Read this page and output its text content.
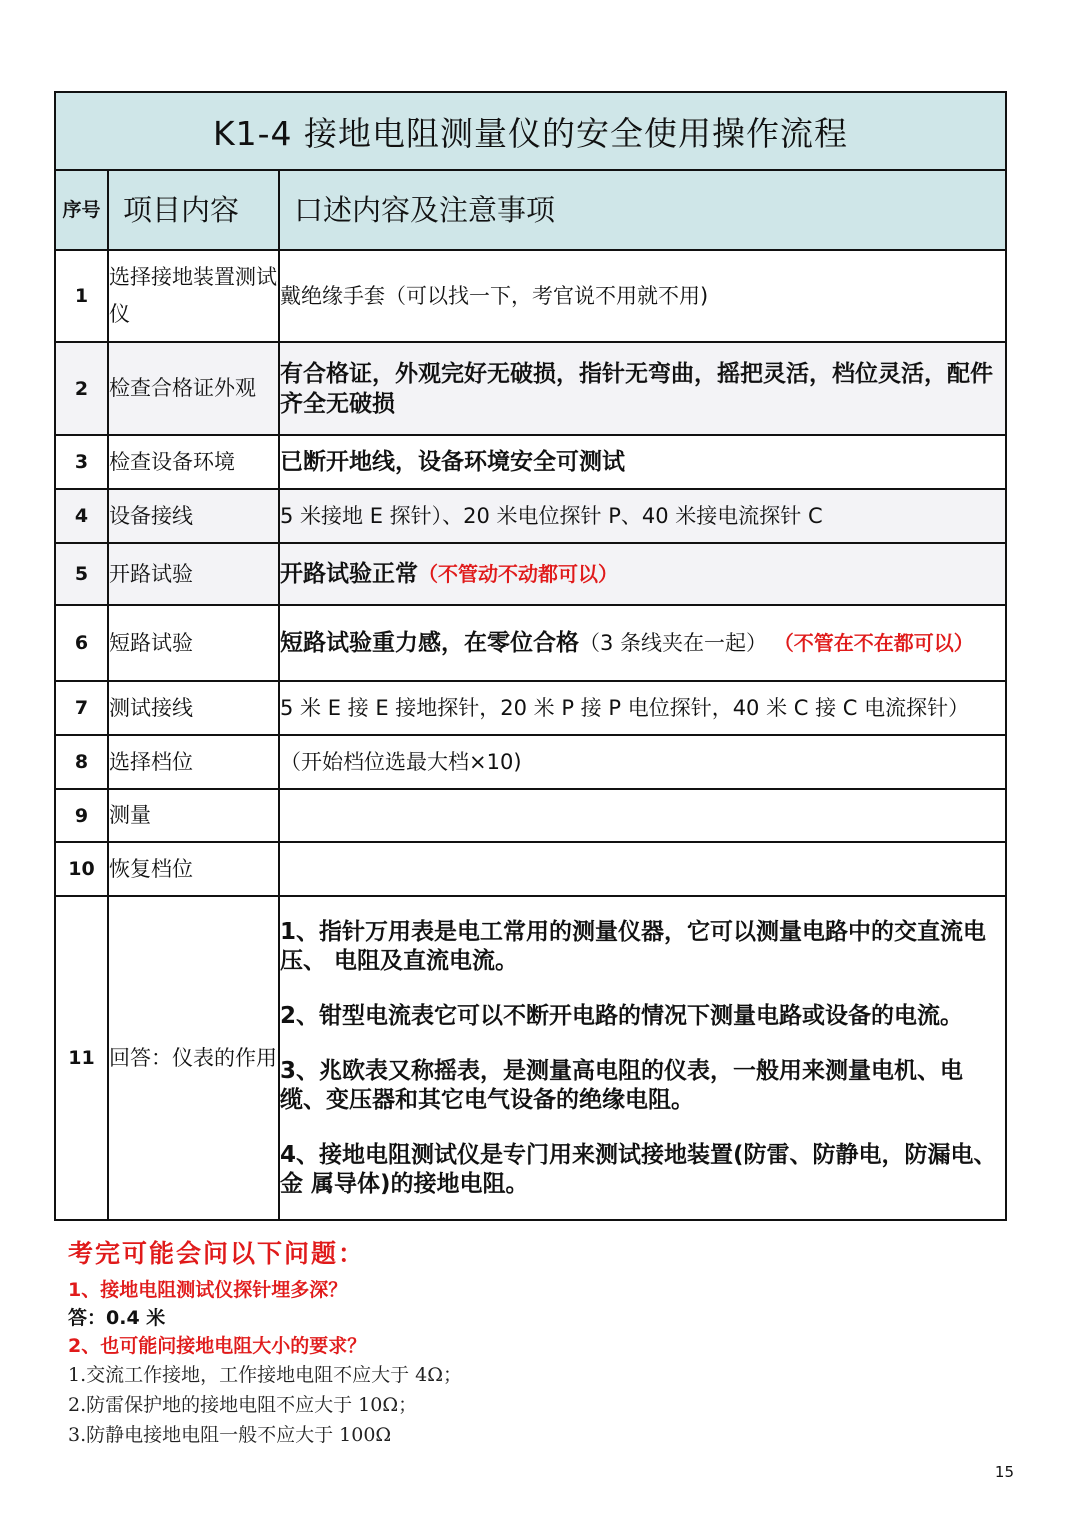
K1-4 接地电阻测量仪的安全使用操作流程		
序号	项目内容	口述内容及注意事项
1	选择接地装置测试仪	戴绝缘手套（可以找一下，考官说不用就不用)
2	检查合格证外观	有合格证，外观完好无破损，指针无弯曲，摇把灵活，档位灵活，配件齐全无破损
3	检查设备环境	已断开地线，设备环境安全可测试
4	设备接线	5 米接地 E 探针）、20 米电位探针 P、40 米接电流探针 C
5	开路试验	开路试验正常（不管动不动都可以）
6	短路试验	短路试验重力感，在零位合格（3 条线夹在一起） （不管在不在都可以）
7	测试接线	5 米 E 接 E 接地探针，20 米 P 接 P 电位探针，40 米 C 接 C 电流探针）
8	选择档位	（开始档位选最大档×10)
9	测量	
10	恢复档位	
11	回答：仪表的作用	1、指针万用表是电工常用的测量仪器，它可以测量电路中的交直流电压、 电阻及直流电流。

2、钳型电流表它可以不断开电路的情况下测量电路或设备的电流。

3、兆欧表又称摇表，是测量高电阻的仪表，一般用来测量电机、电缆、变压器和其它电气设备的绝缘电阻。

4、接地电阻测试仪是专门用来测试接地装置(防雷、防静电，防漏电、金 属导体)的接地电阻。

考完可能会问以下问题：

1、接地电阻测试仪探针埋多深？

答：0.4 米

2、也可能问接地电阻大小的要求？

1.交流工作接地，工作接地电阻不应大于 4Ω；

2.防雷保护地的接地电阻不应大于 10Ω；

3.防静电接地电阻一般不应大于 100Ω

15
